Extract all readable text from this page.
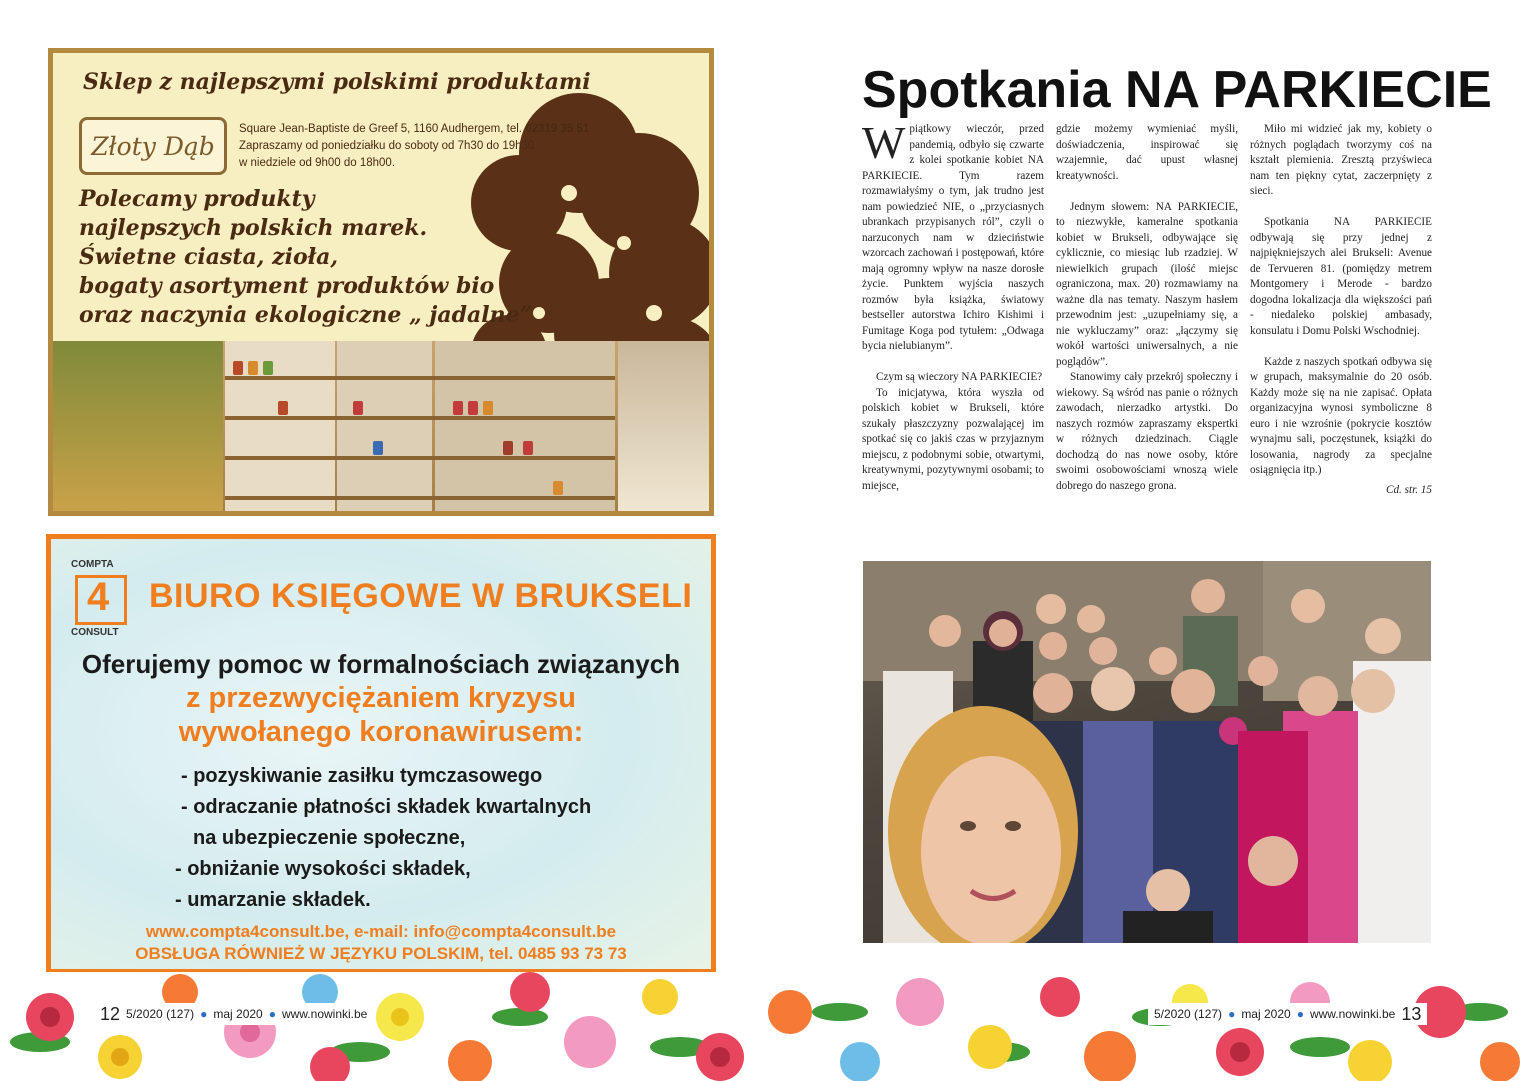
Sklep z najlepszymi polskimi produktami
Złoty Dąb
Square Jean-Baptiste de Greef 5, 1160 Audhergem, tel. 02319 35 51
Zapraszamy od poniedziałku do soboty od 7h30 do 19h30
w niedziele od 9h00 do 18h00.
Polecamy produkty
najlepszych polskich marek.
Świetne ciasta, zioła,
bogaty asortyment produktów bio
oraz naczynia ekologiczne „ jadalne”
COMPTA
4
CONSULT
BIURO KSIĘGOWE W BRUKSELI
Oferujemy pomoc w formalnościach związanych
z przezwyciężaniem kryzysu
wywołanego koronawirusem:
- pozyskiwanie zasiłku tymczasowego
- odraczanie płatności składek kwartalnych
na ubezpieczenie społeczne,
- obniżanie wysokości składek,
- umarzanie składek.
www.compta4consult.be, e-mail: info@compta4consult.be
OBSŁUGA RÓWNIEŻ W JĘZYKU POLSKIM, tel. 0485 93 73 73
Spotkania NA PARKIECIE

Wpiątkowy wieczór, przed pandemią, odbyło się czwarte z kolei spotkanie kobiet NA PARKIECIE. Tym razem rozmawiałyśmy o tym, jak trudno jest nam powiedzieć NIE, o „przyciasnych ubrankach przypisanych ról”, czyli o narzuconych nam w dzieciństwie wzorcach zachowań i postępowań, które mają ogromny wpływ na nasze dorosłe życie. Punktem wyjścia naszych rozmów była książka, światowy bestseller autorstwa Ichiro Kishimi i Fumitage Koga pod tytułem: „Odwaga bycia nielubianym”.

Czym są wieczory NA PARKIECIE?

To inicjatywa, która wyszła od polskich kobiet w Brukseli, które szukały płaszczyzny pozwalającej im spotkać się co jakiś czas w przyjaznym miejscu, z podobnymi sobie, otwartymi, kreatywnymi, pozytywnymi osobami; to miejsce,

gdzie możemy wymieniać myśli, doświadczenia, inspirować się wzajemnie, dać upust własnej kreatywności.

Jednym słowem: NA PARKIECIE, to niezwykłe, kameralne spotkania kobiet w Brukseli, odbywające się cyklicznie, co miesiąc lub rzadziej. W niewielkich grupach (ilość miejsc ograniczona, max. 20) rozmawiamy na ważne dla nas tematy. Naszym hasłem przewodnim jest: „uzupełniamy się, a nie wykluczamy” oraz: „łączymy się wokół wartości uniwersalnych, a nie poglądów”.

Stanowimy cały przekrój społeczny i wiekowy. Są wśród nas panie o różnych zawodach, nierzadko artystki. Do naszych rozmów zapraszamy ekspertki w różnych dziedzinach. Ciągle dochodzą do nas nowe osoby, które swoimi osobowościami wnoszą wiele dobrego do naszego grona.

Miło mi widzieć jak my, kobiety o różnych poglądach tworzymy coś na kształt plemienia. Zresztą przyświeca nam ten piękny cytat, zaczerpnięty z sieci.

Spotkania NA PARKIECIE odbywają się przy jednej z najpiękniejszych alei Brukseli: Avenue de Tervueren 81. (pomiędzy metrem Montgomery i Merode - bardzo dogodna lokalizacja dla większości pań - niedaleko polskiej ambasady, konsulatu i Domu Polski Wschodniej.

Każde z naszych spotkań odbywa się w grupach, maksymalnie do 20 osób. Każdy może się na nie zapisać. Opłata organizacyjna wynosi symboliczne 8 euro i nie wzrośnie (pokrycie kosztów wynajmu sali, poczęstunek, książki do losowania, nagrody za specjalne osiągnięcia itp.)

Cd. str. 15
12 5/2020 (127) ● maj 2020 ● www.nowinki.be	5/2020 (127) ● maj 2020 ● www.nowinki.be 13
